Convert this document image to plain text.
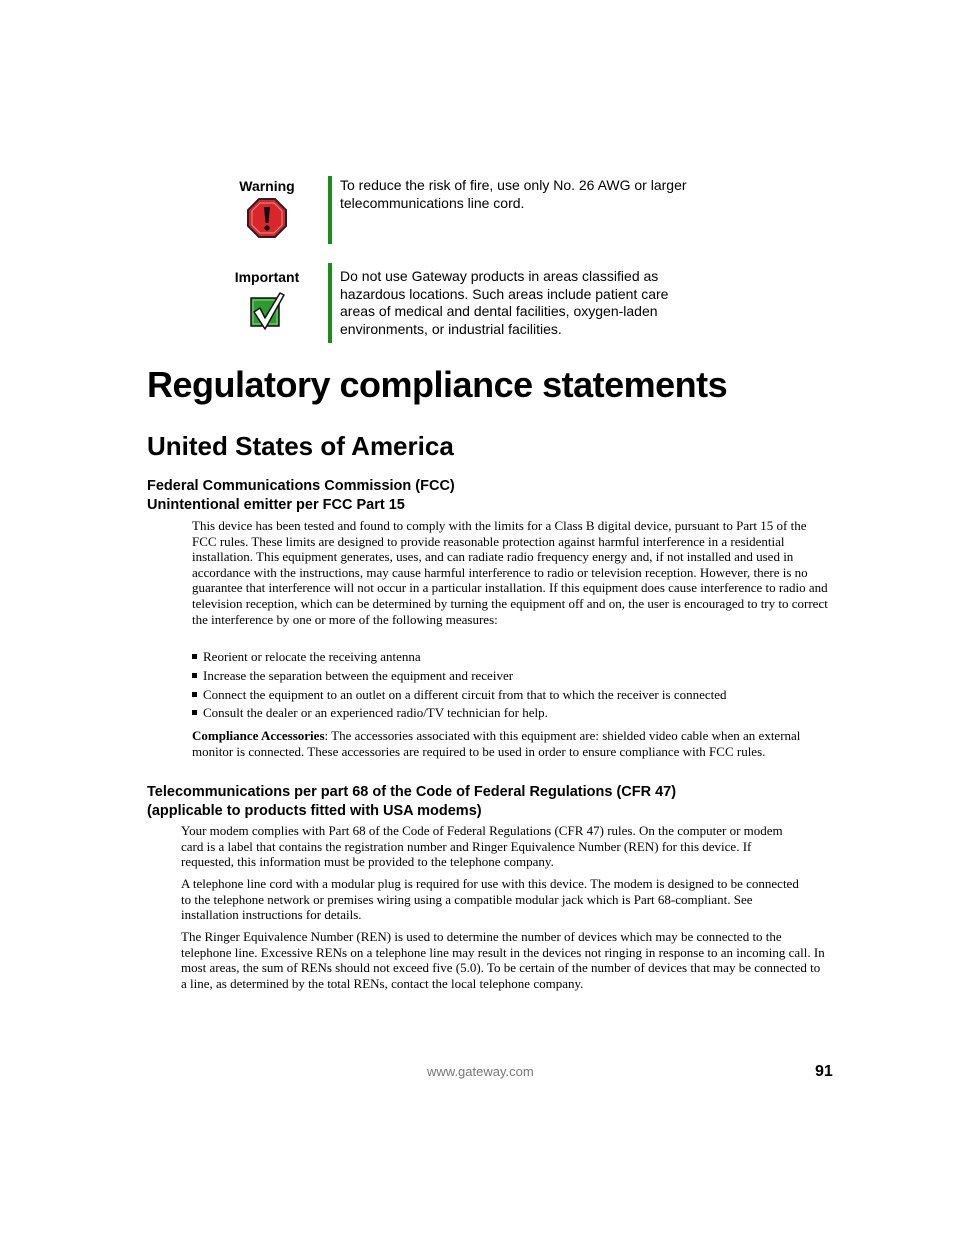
Warning	To reduce the risk of fire, use only No. 26 AWG or larger telecommunications line cord.
Important	Do not use Gateway products in areas classified as hazardous locations. Such areas include patient care areas of medical and dental facilities, oxygen-laden environments, or industrial facilities.
Regulatory compliance statements
United States of America
Federal Communications Commission (FCC)
Unintentional emitter per FCC Part 15

This device has been tested and found to comply with the limits for a Class B digital device, pursuant to Part 15 of the FCC rules. These limits are designed to provide reasonable protection against harmful interference in a residential installation. This equipment generates, uses, and can radiate radio frequency energy and, if not installed and used in accordance with the instructions, may cause harmful interference to radio or television reception. However, there is no guarantee that interference will not occur in a particular installation. If this equipment does cause interference to radio and television reception, which can be determined by turning the equipment off and on, the user is encouraged to try to correct the interference by one or more of the following measures:

Reorient or relocate the receiving antenna
Increase the separation between the equipment and receiver
Connect the equipment to an outlet on a different circuit from that to which the receiver is connected
Consult the dealer or an experienced radio/TV technician for help.

Compliance Accessories: The accessories associated with this equipment are: shielded video cable when an external monitor is connected. These accessories are required to be used in order to ensure compliance with FCC rules.

Telecommunications per part 68 of the Code of Federal Regulations (CFR 47)
(applicable to products fitted with USA modems)

Your modem complies with Part 68 of the Code of Federal Regulations (CFR 47) rules. On the computer or modem card is a label that contains the registration number and Ringer Equivalence Number (REN) for this device. If requested, this information must be provided to the telephone company.

A telephone line cord with a modular plug is required for use with this device. The modem is designed to be connected to the telephone network or premises wiring using a compatible modular jack which is Part 68-compliant. See installation instructions for details.

The Ringer Equivalence Number (REN) is used to determine the number of devices which may be connected to the telephone line. Excessive RENs on a telephone line may result in the devices not ringing in response to an incoming call. In most areas, the sum of RENs should not exceed five (5.0). To be certain of the number of devices that may be connected to a line, as determined by the total RENs, contact the local telephone company.

www.gateway.com	91
